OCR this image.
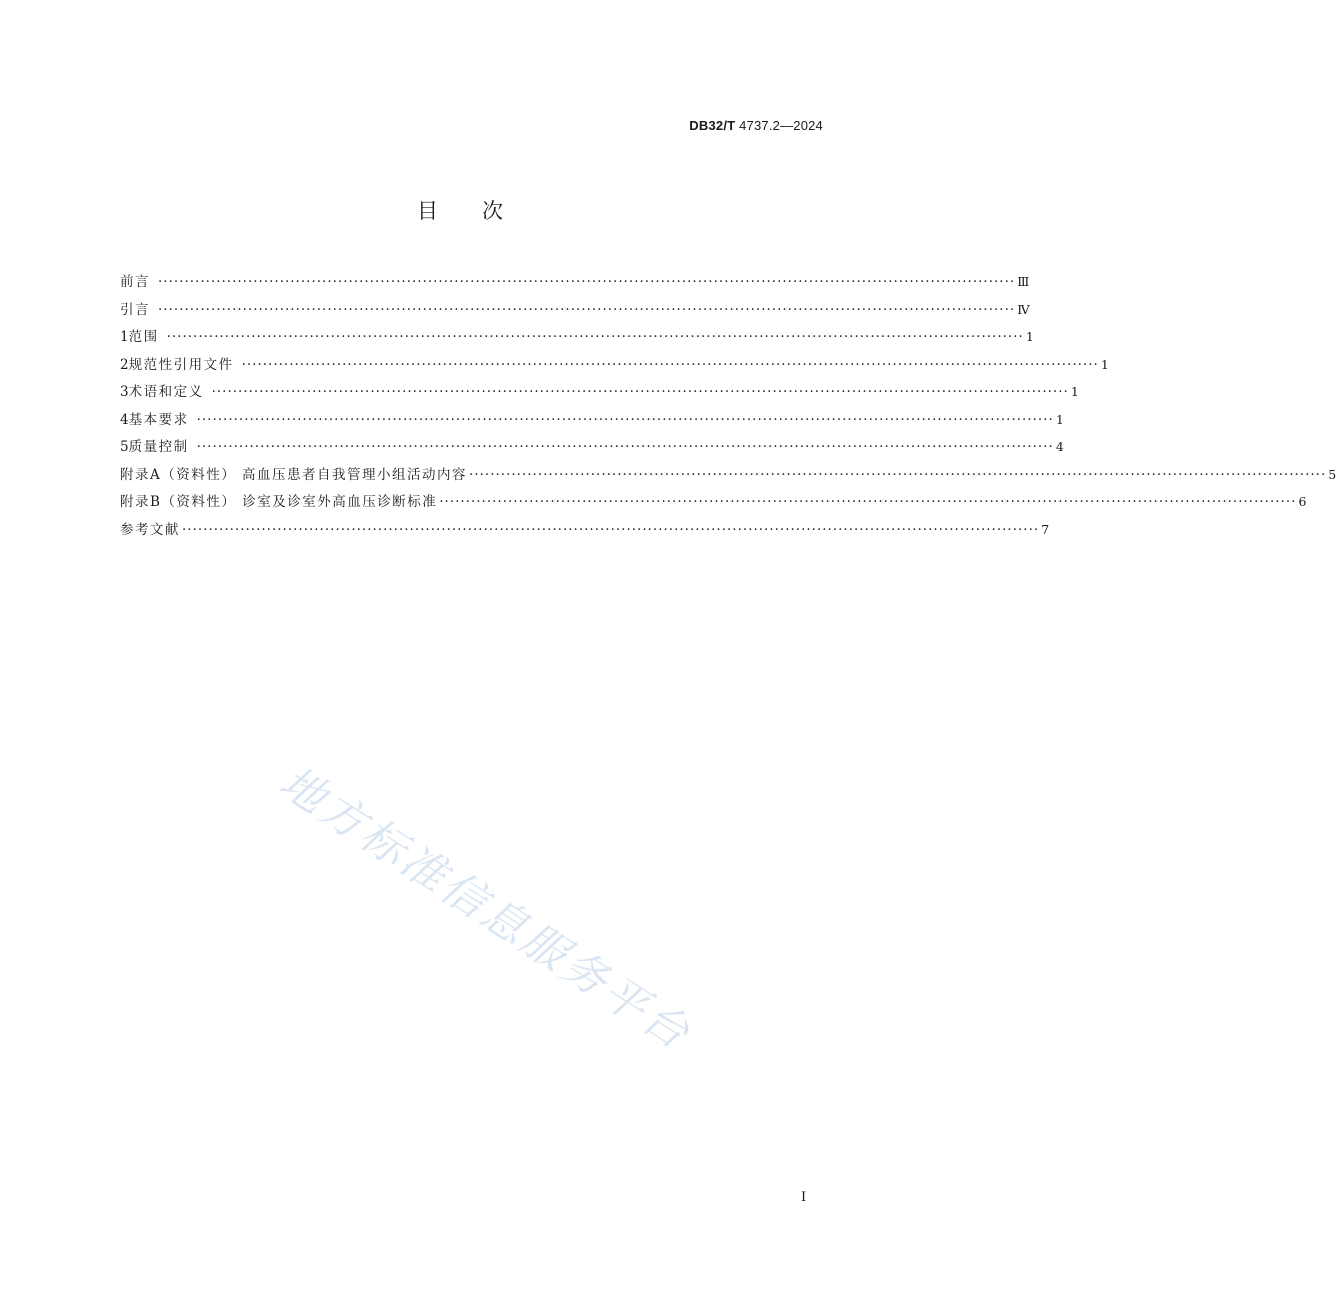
DB32/T 4737.2—2024
目次
前言 ·································································································································································· Ⅲ
引言 ·································································································································································· Ⅳ
1 范围 ·································································································································································· 1
2 规范性引用文件 ·································································································································································· 1
3 术语和定义 ·································································································································································· 1
4 基本要求 ·································································································································································· 1
5 质量控制 ·································································································································································· 4
附录A（资料性） 高血压患者自我管理小组活动内容 ·································································································································································· 5
附录B（资料性） 诊室及诊室外高血压诊断标准 ·································································································································································· 6
参考文献 ·································································································································································· 7
地方标准信息服务平台
I
